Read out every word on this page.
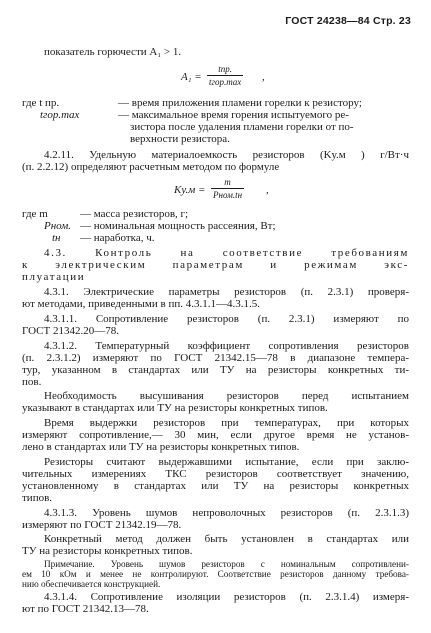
ГОСТ 24238—84 Стр. 23
показатель горючести A₁ > 1.
A₁ =
tпр.
tгор.max ,
где t пр.	— время приложения пламени горелки к резистору;
tгор.max	— максимальное время горения испытуемого ре-
зистора после удаления пламени горелки от по-
верхности резистора.
4.2.11. Удельную материалоемкость резисторов (Kу.м ) г/Вт·ч
(п. 2.2.12) определяют расчетным методом по формуле
Kу.м =
m
Pном.tн ,
где m	— масса резисторов, г;
Pном. — номинальная мощность рассеяния, Вт;
tн — наработка, ч.
4.3. Контроль на соответствие требованиям
к электрическим параметрам и режимам экс-
плуатации
4.3.1. Электрические параметры резисторов (п. 2.3.1) проверя-
ют методами, приведенными в пп. 4.3.1.1—4.3.1.5.
4.3.1.1. Сопротивление резисторов (п. 2.3.1) измеряют по
ГОСТ 21342.20—78.
4.3.1.2. Температурный коэффициент сопротивления резисторов
(п. 2.3.1.2) измеряют по ГОСТ 21342.15—78 в диапазоне темпера-
тур, указанном в стандартах или ТУ на резисторы конкретных ти-
пов.
Необходимость высушивания резисторов перед испытанием
указывают в стандартах или ТУ на резисторы конкретных типов.
Время выдержки резисторов при температурах, при которых
измеряют сопротивление,— 30 мин, если другое время не установ-
лено в стандартах или ТУ на резисторы конкретных типов.
Резисторы считают выдержавшими испытание, если при заклю-
чительных измерениях ТКС резисторов соответствует значению,
установленному в стандартах или ТУ на резисторы конкретных
типов.
4.3.1.3. Уровень шумов непроволочных резисторов (п. 2.3.1.3)
измеряют по ГОСТ 21342.19—78.
Конкретный метод должен быть установлен в стандартах или
ТУ на резисторы конкретных типов.
Примечание. Уровень шумов резисторов с номинальным сопротивлени-
ем 10 кОм и менее не контролируют. Соответствие резисторов данному требова-
нию обеспечивается конструкцией.
4.3.1.4. Сопротивление изоляции резисторов (п. 2.3.1.4) измеря-
ют по ГОСТ 21342.13—78.
